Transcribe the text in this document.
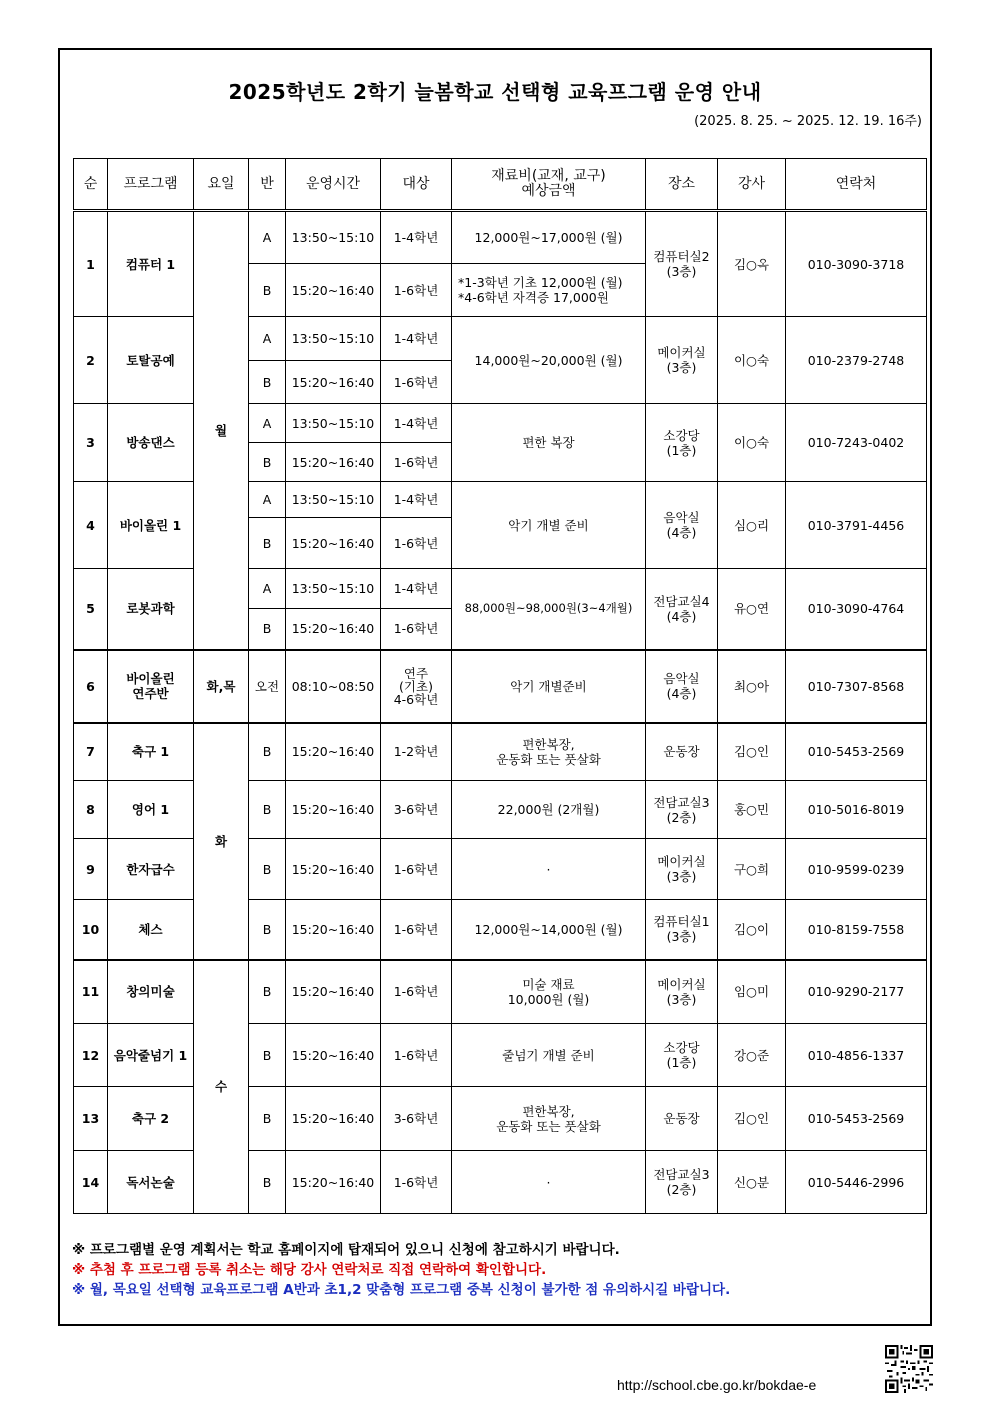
2025학년도 2학기 늘봄학교 선택형 교육프그램 운영 안내
(2025. 8. 25. ~ 2025. 12. 19. 16주)
순	프로그램	요일	반	운영시간	대상	재료비(교재, 교구)
예상금액	장소	강사	연락처
1	컴퓨터 1	월	A	13:50~15:10	1-4학년	12,000원~17,000원 (월)	컴퓨터실2
(3층)	김○옥	010-3090-3718
			B	15:20~16:40	1-6학년	*1-3학년 기초 12,000원 (월)
*4-6학년 자격증 17,000원			
2	토탈공예		A	13:50~15:10	1-4학년	14,000원~20,000원 (월)	메이커실
(3층)	이○숙	010-2379-2748
			B	15:20~16:40	1-6학년				
3	방송댄스		A	13:50~15:10	1-4학년	편한 복장	소강당
(1층)	이○숙	010-7243-0402
			B	15:20~16:40	1-6학년				
4	바이올린 1		A	13:50~15:10	1-4학년	악기 개별 준비	음악실
(4층)	심○리	010-3791-4456
			B	15:20~16:40	1-6학년				
5	로봇과학		A	13:50~15:10	1-4학년	88,000원~98,000원(3~4개월)	전담교실4
(4층)	유○연	010-3090-4764
			B	15:20~16:40	1-6학년				
6	바이올린
연주반	화,목	오전	08:10~08:50	연주
(기초)
4-6학년	악기 개별준비	음악실
(4층)	최○아	010-7307-8568
7	축구 1	화	B	15:20~16:40	1-2학년	편한복장,
운동화 또는 풋살화	운동장	김○인	010-5453-2569
8	영어 1		B	15:20~16:40	3-6학년	22,000원 (2개월)	전담교실3
(2층)	홍○민	010-5016-8019
9	한자급수		B	15:20~16:40	1-6학년	·	메이커실
(3층)	구○희	010-9599-0239
10	체스		B	15:20~16:40	1-6학년	12,000원~14,000원 (월)	컴퓨터실1
(3층)	김○이	010-8159-7558
11	창의미술	수	B	15:20~16:40	1-6학년	미술 재료
10,000원 (월)	메이커실
(3층)	임○미	010-9290-2177
12	음악줄넘기 1		B	15:20~16:40	1-6학년	줄넘기 개별 준비	소강당
(1층)	강○준	010-4856-1337
13	축구 2		B	15:20~16:40	3-6학년	편한복장,
운동화 또는 풋살화	운동장	김○인	010-5453-2569
14	독서논술		B	15:20~16:40	1-6학년	·	전담교실3
(2층)	신○분	010-5446-2996
※ 프로그램별 운영 계획서는 학교 홈페이지에 탑재되어 있으니 신청에 참고하시기 바랍니다.
※ 추첨 후 프로그램 등록 취소는 해당 강사 연락처로 직접 연락하여 확인합니다.
※ 월, 목요일 선택형 교육프로그램 A반과 초1,2 맞춤형 프로그램 중복 신청이 불가한 점 유의하시길 바랍니다.
http://school.cbe.go.kr/bokdae-e
